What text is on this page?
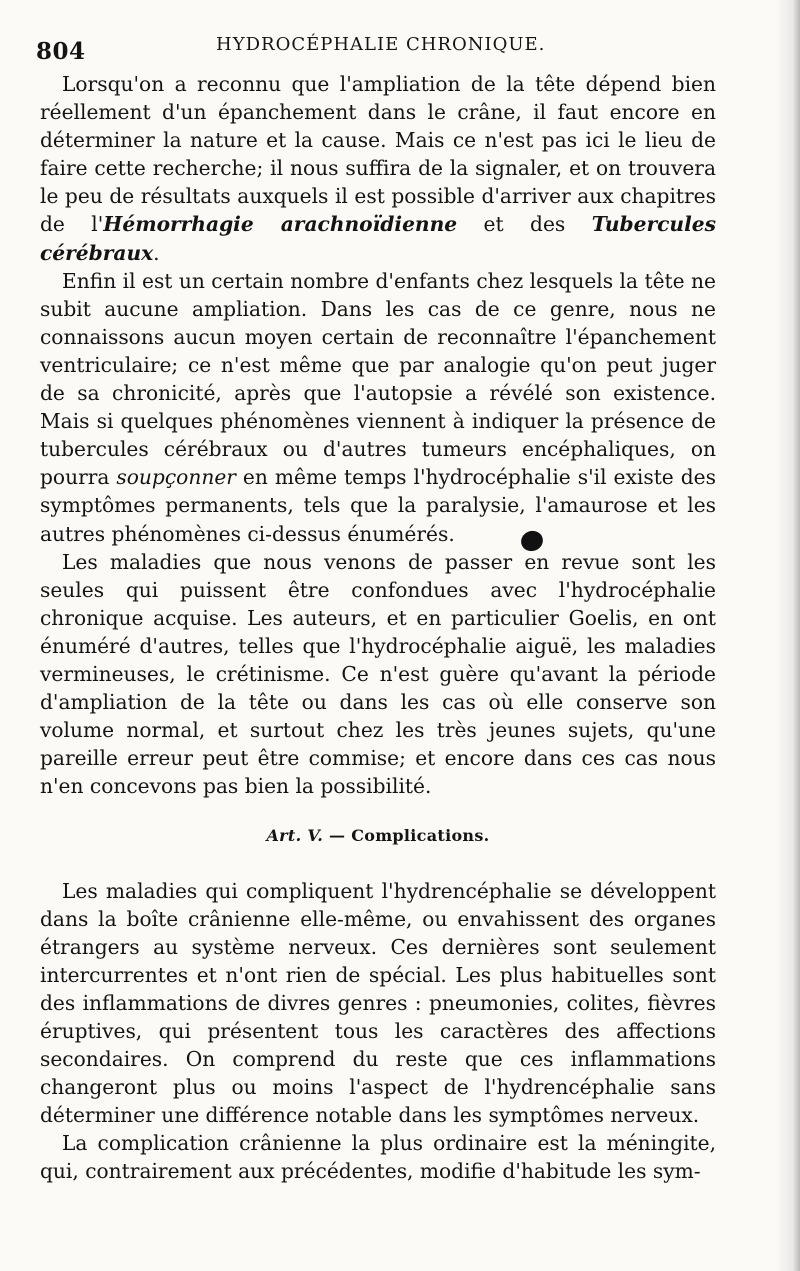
804	HYDROCÉPHALIE CHRONIQUE.

Lorsqu'on a reconnu que l'ampliation de la tête dépend bien réellement d'un épanchement dans le crâne, il faut encore en déterminer la nature et la cause. Mais ce n'est pas ici le lieu de faire cette recherche; il nous suffira de la signaler, et on trouvera le peu de résultats auxquels il est possible d'arriver aux chapitres de l'Hémorrhagie arachnoïdienne et des Tubercules cérébraux.

Enfin il est un certain nombre d'enfants chez lesquels la tête ne subit aucune ampliation. Dans les cas de ce genre, nous ne connaissons aucun moyen certain de reconnaître l'épanchement ventriculaire; ce n'est même que par analogie qu'on peut juger de sa chronicité, après que l'autopsie a révélé son existence. Mais si quelques phénomènes viennent à indiquer la présence de tubercules cérébraux ou d'autres tumeurs encéphaliques, on pourra soupçonner en même temps l'hydrocéphalie s'il existe des symptômes permanents, tels que la paralysie, l'amaurose et les autres phénomènes ci-dessus énumérés.

Les maladies que nous venons de passer en revue sont les seules qui puissent être confondues avec l'hydrocéphalie chronique acquise. Les auteurs, et en particulier Goelis, en ont énuméré d'autres, telles que l'hydrocéphalie aiguë, les maladies vermineuses, le crétinisme. Ce n'est guère qu'avant la période d'ampliation de la tête ou dans les cas où elle conserve son volume normal, et surtout chez les très jeunes sujets, qu'une pareille erreur peut être commise; et encore dans ces cas nous n'en concevons pas bien la possibilité.

Art. V. — Complications.

Les maladies qui compliquent l'hydrencéphalie se développent dans la boîte crânienne elle-même, ou envahissent des organes étrangers au système nerveux. Ces dernières sont seulement intercurrentes et n'ont rien de spécial. Les plus habituelles sont des inflammations de divres genres : pneumonies, colites, fièvres éruptives, qui présentent tous les caractères des affections secondaires. On comprend du reste que ces inflammations changeront plus ou moins l'aspect de l'hydrencéphalie sans déterminer une différence notable dans les symptômes nerveux.

La complication crânienne la plus ordinaire est la méningite, qui, contrairement aux précédentes, modifie d'habitude les sym-
